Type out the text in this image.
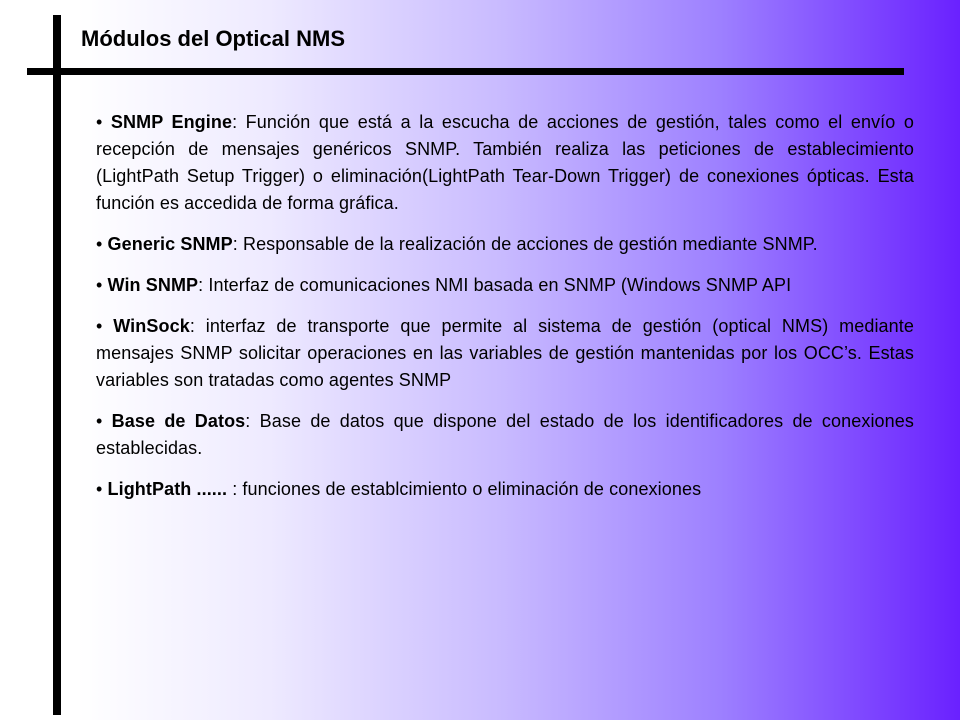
Módulos del Optical NMS

• SNMP Engine: Función que está a la escucha de acciones de gestión, tales como el envío o recepción de mensajes genéricos SNMP. También realiza las peticiones de establecimiento (LightPath Setup Trigger) o eliminación(LightPath Tear-Down Trigger) de conexiones ópticas. Esta función es accedida de forma gráfica.

• Generic SNMP: Responsable de la realización de acciones de gestión mediante SNMP.

• Win SNMP: Interfaz de comunicaciones NMI basada en SNMP (Windows SNMP API

• WinSock: interfaz de transporte que permite al sistema de gestión (optical NMS) mediante mensajes SNMP solicitar operaciones en las variables de gestión mantenidas por los OCC’s. Estas variables son tratadas como agentes SNMP

• Base de Datos: Base de datos que dispone del estado de los identificadores de conexiones establecidas.

• LightPath ...... : funciones de establcimiento o eliminación de conexiones
